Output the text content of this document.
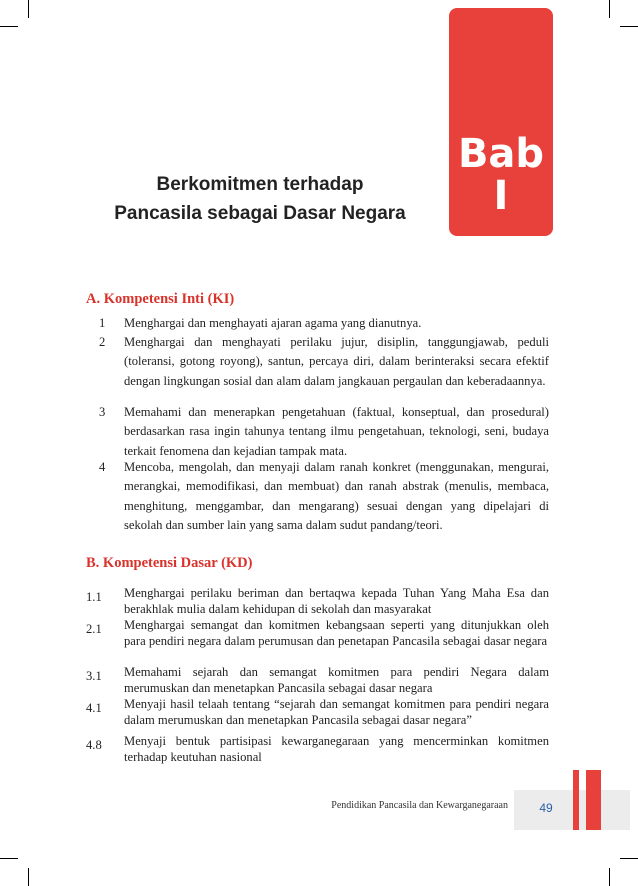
Bab
I
Berkomitmen terhadap
Pancasila sebagai Dasar Negara
A. Kompetensi Inti (KI)
1	Menghargai dan menghayati ajaran agama yang dianutnya.
2	Menghargai dan menghayati perilaku jujur, disiplin, tanggungjawab, peduli (toleransi, gotong royong), santun, percaya diri, dalam berinteraksi secara efektif dengan lingkungan sosial dan alam dalam jangkauan pergaulan dan keberadaannya.
3	Memahami dan menerapkan pengetahuan (faktual, konseptual, dan prosedural) berdasarkan rasa ingin tahunya tentang ilmu pengetahuan, teknologi, seni, budaya terkait fenomena dan kejadian tampak mata.
4	Mencoba, mengolah, dan menyaji dalam ranah konkret (menggunakan, mengurai, merangkai, memodifikasi, dan membuat) dan ranah abstrak (menulis, membaca, menghitung, menggambar, dan mengarang) sesuai dengan yang dipelajari di sekolah dan sumber lain yang sama dalam sudut pandang/teori.
B. Kompetensi Dasar (KD)
1.1	Menghargai perilaku beriman dan bertaqwa kepada Tuhan Yang Maha Esa dan berakhlak mulia dalam kehidupan di sekolah dan masyarakat
2.1	Menghargai semangat dan komitmen kebangsaan seperti yang ditunjukkan oleh para pendiri negara dalam perumusan dan penetapan Pancasila sebagai dasar negara
3.1	Memahami sejarah dan semangat komitmen para pendiri Negara dalam merumuskan dan menetapkan Pancasila sebagai dasar negara
4.1	Menyaji hasil telaah tentang “sejarah dan semangat komitmen para pendiri negara dalam merumuskan dan menetapkan Pancasila sebagai dasar negara”
4.8	Menyaji bentuk partisipasi kewarganegaraan yang mencerminkan komitmen terhadap keutuhan nasional
Pendidikan Pancasila dan Kewarganegaraan	49
